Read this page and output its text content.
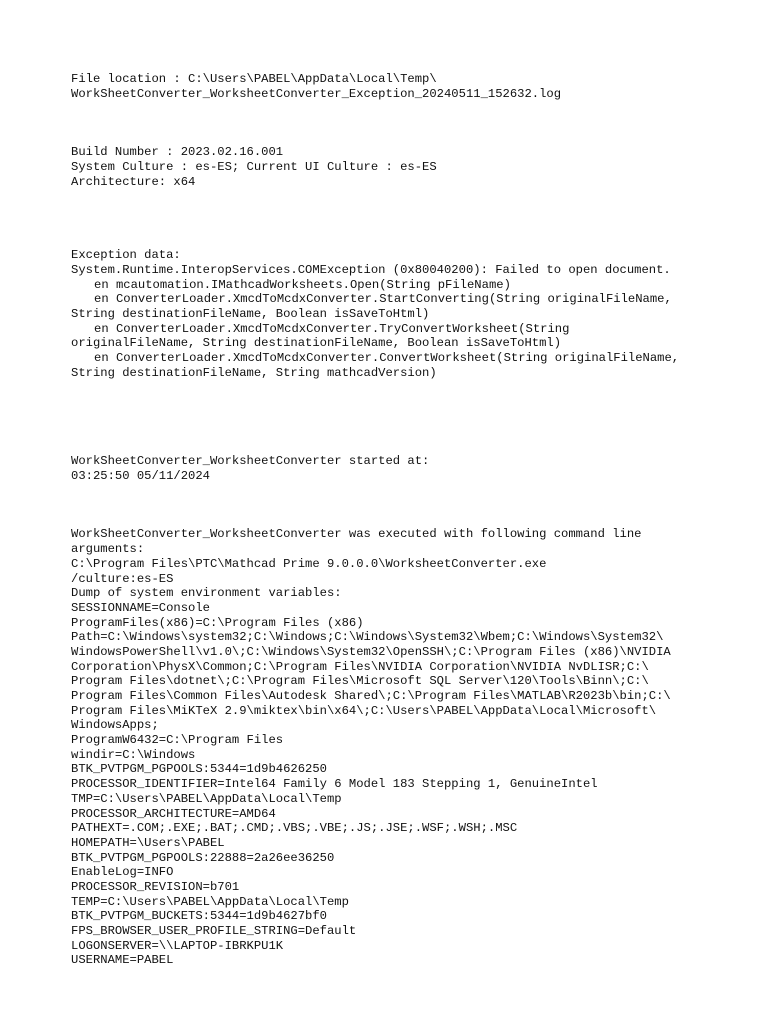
File location : C:\Users\PABEL\AppData\Local\Temp\
WorkSheetConverter_WorksheetConverter_Exception_20240511_152632.log
Build Number : 2023.02.16.001
System Culture : es-ES; Current UI Culture : es-ES
Architecture: x64
Exception data:
System.Runtime.InteropServices.COMException (0x80040200): Failed to open document.
en mcautomation.IMathcadWorksheets.Open(String pFileName)
en ConverterLoader.XmcdToMcdxConverter.StartConverting(String originalFileName,
String destinationFileName, Boolean isSaveToHtml)
en ConverterLoader.XmcdToMcdxConverter.TryConvertWorksheet(String
originalFileName, String destinationFileName, Boolean isSaveToHtml)
en ConverterLoader.XmcdToMcdxConverter.ConvertWorksheet(String originalFileName,
String destinationFileName, String mathcadVersion)
WorkSheetConverter_WorksheetConverter started at:
03:25:50 05/11/2024
WorkSheetConverter_WorksheetConverter was executed with following command line
arguments:
C:\Program Files\PTC\Mathcad Prime 9.0.0.0\WorksheetConverter.exe
/culture:es-ES
Dump of system environment variables:
SESSIONNAME=Console
ProgramFiles(x86)=C:\Program Files (x86)
Path=C:\Windows\system32;C:\Windows;C:\Windows\System32\Wbem;C:\Windows\System32\
WindowsPowerShell\v1.0\;C:\Windows\System32\OpenSSH\;C:\Program Files (x86)\NVIDIA
Corporation\PhysX\Common;C:\Program Files\NVIDIA Corporation\NVIDIA NvDLISR;C:\
Program Files\dotnet\;C:\Program Files\Microsoft SQL Server\120\Tools\Binn\;C:\
Program Files\Common Files\Autodesk Shared\;C:\Program Files\MATLAB\R2023b\bin;C:\
Program Files\MiKTeX 2.9\miktex\bin\x64\;C:\Users\PABEL\AppData\Local\Microsoft\
WindowsApps;
ProgramW6432=C:\Program Files
windir=C:\Windows
BTK_PVTPGM_PGPOOLS:5344=1d9b4626250
PROCESSOR_IDENTIFIER=Intel64 Family 6 Model 183 Stepping 1, GenuineIntel
TMP=C:\Users\PABEL\AppData\Local\Temp
PROCESSOR_ARCHITECTURE=AMD64
PATHEXT=.COM;.EXE;.BAT;.CMD;.VBS;.VBE;.JS;.JSE;.WSF;.WSH;.MSC
HOMEPATH=\Users\PABEL
BTK_PVTPGM_PGPOOLS:22888=2a26ee36250
EnableLog=INFO
PROCESSOR_REVISION=b701
TEMP=C:\Users\PABEL\AppData\Local\Temp
BTK_PVTPGM_BUCKETS:5344=1d9b4627bf0
FPS_BROWSER_USER_PROFILE_STRING=Default
LOGONSERVER=\\LAPTOP-IBRKPU1K
USERNAME=PABEL
